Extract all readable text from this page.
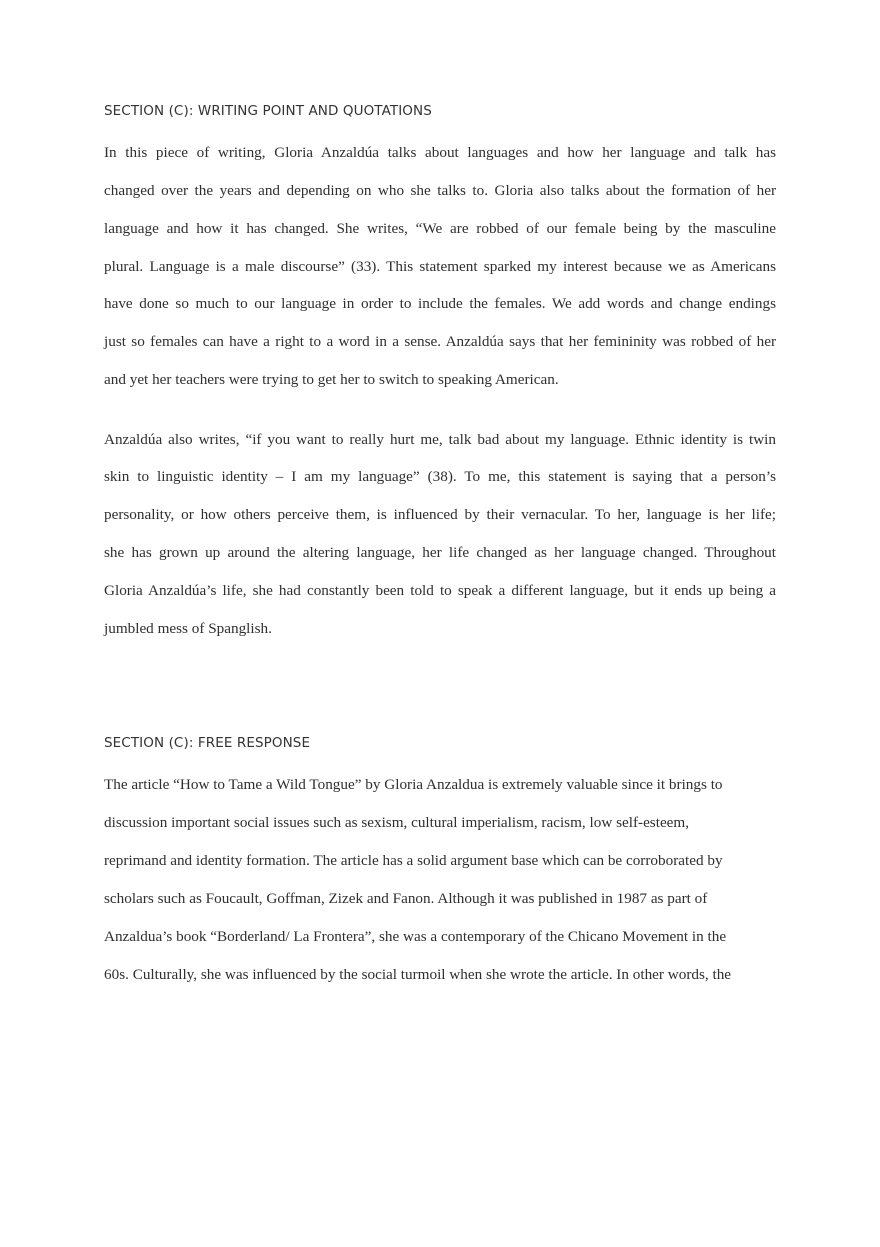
SECTION (C): WRITING POINT AND QUOTATIONS

In this piece of writing, Gloria Anzaldúa talks about languages and how her language and talk has

changed over the years and depending on who she talks to. Gloria also talks about the formation of her

language and how it has changed. She writes, “We are robbed of our female being by the masculine

plural. Language is a male discourse” (33). This statement sparked my interest because we as Americans

have done so much to our language in order to include the females. We add words and change endings

just so females can have a right to a word in a sense. Anzaldúa says that her femininity was robbed of her

and yet her teachers were trying to get her to switch to speaking American.

Anzaldúa also writes, “if you want to really hurt me, talk bad about my language. Ethnic identity is twin

skin to linguistic identity – I am my language” (38). To me, this statement is saying that a person’s

personality, or how others perceive them, is influenced by their vernacular. To her, language is her life;

she has grown up around the altering language, her life changed as her language changed. Throughout

Gloria Anzaldúa’s life, she had constantly been told to speak a different language, but it ends up being a

jumbled mess of Spanglish.

SECTION (C): FREE RESPONSE

The article “How to Tame a Wild Tongue” by Gloria Anzaldua is extremely valuable since it brings to

discussion important social issues such as sexism, cultural imperialism, racism, low self-esteem,

reprimand and identity formation. The article has a solid argument base which can be corroborated by

scholars such as Foucault, Goffman, Zizek and Fanon. Although it was published in 1987 as part of

Anzaldua’s book “Borderland/ La Frontera”, she was a contemporary of the Chicano Movement in the

60s. Culturally, she was influenced by the social turmoil when she wrote the article. In other words, the
